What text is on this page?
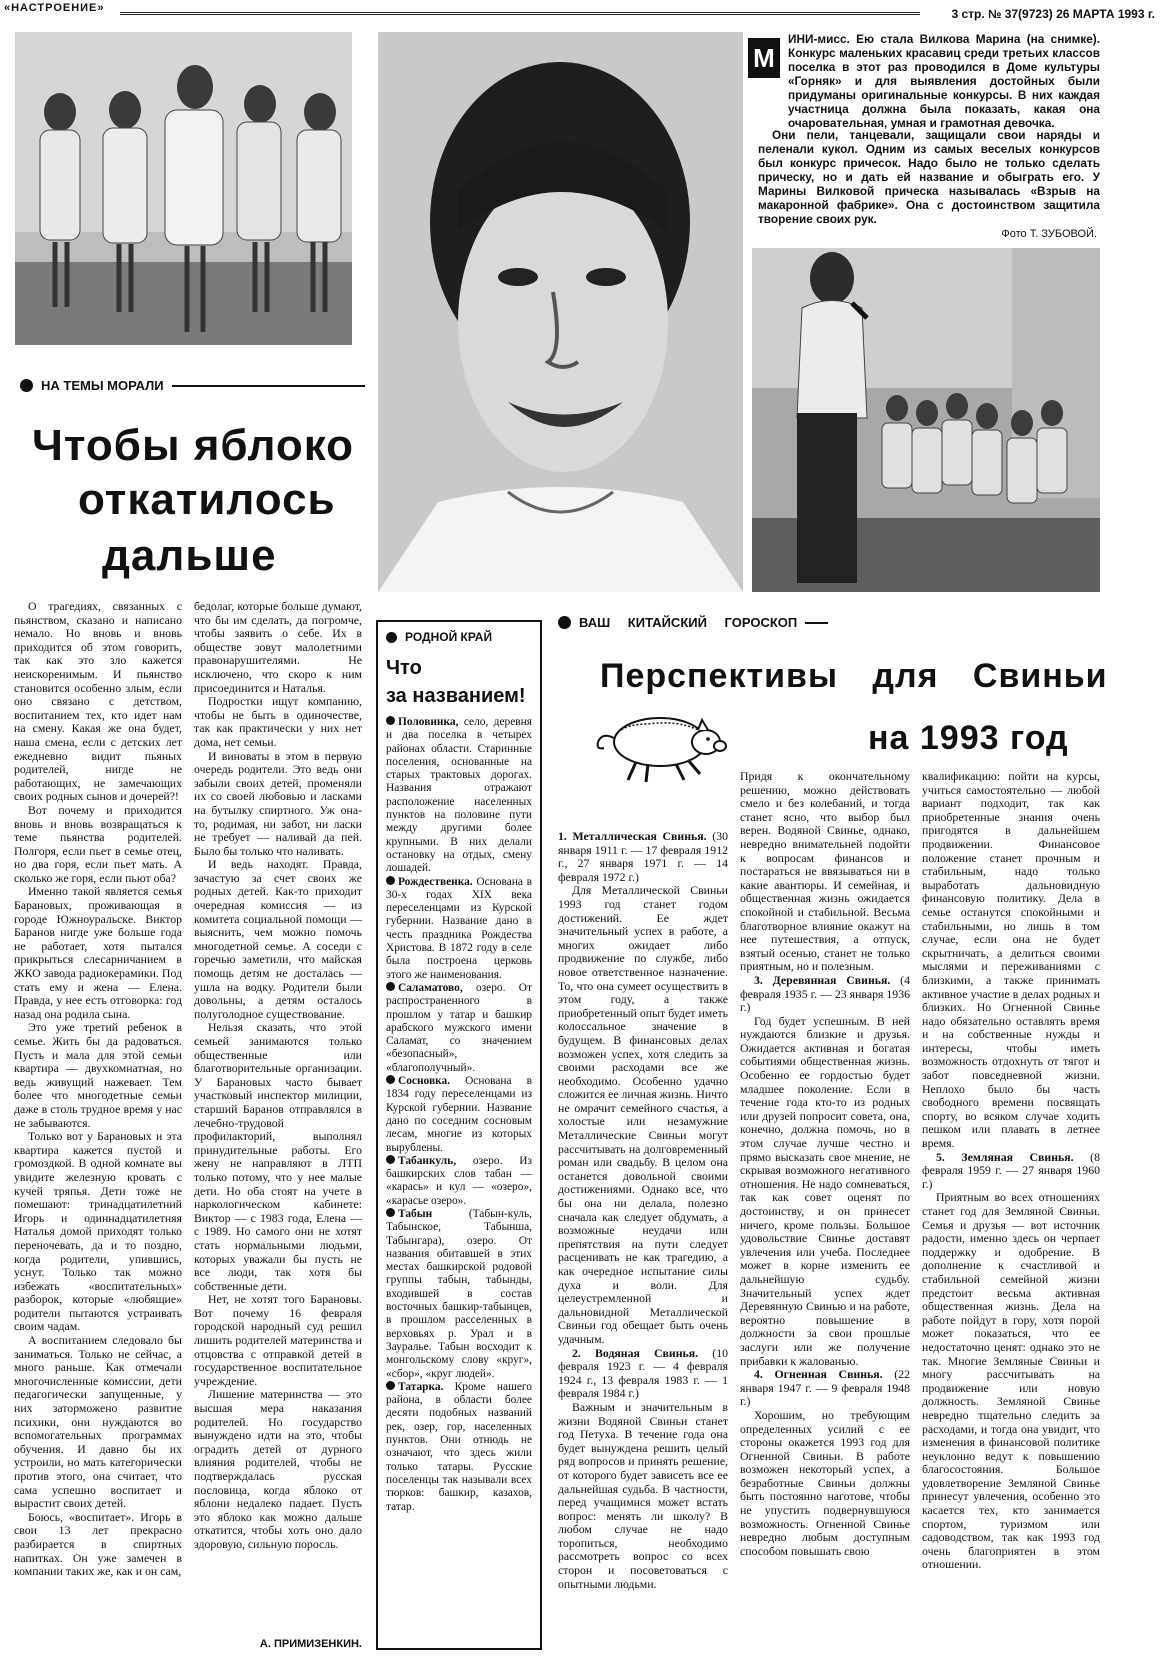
«НАСТРОЕНИЕ»	3 стр. № 37(9723) 26 МАРТА 1993 г.
М

ИНИ-мисс. Ею стала Вилкова Марина (на снимке). Конкурс маленьких красавиц среди третьих классов поселка в этот раз проводился в Доме культуры «Горняк» и для выявления достойных были придуманы оригинальные конкурсы. В них каждая участница должна была показать, какая она очаровательная, умная и грамотная девочка.

Они пели, танцевали, защищали свои наряды и пеленали кукол. Одним из самых веселых конкурсов был конкурс причесок. Надо было не только сделать прическу, но и дать ей название и обыграть его. У Марины Вилковой прическа называлась «Взрыв на макаронной фабрике». Она с достоинством защитила творение своих рук.

Фото Т. ЗУБОВОЙ.
НА ТЕМЫ МОРАЛИ
Чтобы яблоко
откатилось
дальше

О трагедиях, связанных с пьянством, сказано и написано немало. Но вновь и вновь приходится об этом говорить, так как это зло кажется неискоренимым. И пьянство становится особенно злым, если оно связано с детством, воспитанием тех, кто идет нам на смену. Какая же она будет, наша смена, если с детских лет ежедневно видит пьяных родителей, нигде не работающих, не замечающих своих родных сынов и дочерей?!

Вот почему и приходится вновь и вновь возвращаться к теме пьянства родителей. Полгоря, если пьет в семье отец, но два горя, если пьет мать. А сколько же горя, если пьют оба?

Именно такой является семья Барановых, проживающая в городе Южноуральске. Виктор Баранов нигде уже больше года не работает, хотя пытался прикрыться слесарничанием в ЖКО завода радиокерамики. Под стать ему и жена — Елена. Правда, у нее есть отговорка: год назад она родила сына.

Это уже третий ребенок в семье. Жить бы да радоваться. Пусть и мала для этой семьи квартира — двухкомнатная, но ведь живущий нажевает. Тем более что многодетные семьи даже в столь трудное время у нас не забываются.

Только вот у Барановых и эта квартира кажется пустой и громоздкой. В одной комнате вы увидите железную кровать с кучей тряпья. Дети тоже не помешают: тринадцатилетний Игорь и одиннадцатилетняя Наталья домой приходят только переночевать, да и то поздно, когда родители, упившись, уснут. Только так можно избежать «воспитательных» разборок, которые «любящие» родители пытаются устраивать своим чадам.

А воспитанием следовало бы заниматься. Только не сейчас, а много раньше. Как отмечали многочисленные комиссии, дети педагогически запущенные, у них заторможено развитие психики, они нуждаются во вспомогательных программах обучения. И давно бы их устроили, но мать категорически против этого, она считает, что сама успешно воспитает и вырастит своих детей.

Боюсь, «воспитает». Игорь в свои 13 лет прекрасно разбирается в спиртных напитках. Он уже замечен в компании таких же, как и он сам,

бедолаг, которые больше думают, что бы им сделать, да погромче, чтобы заявить о себе. Их в обществе зовут малолетними правонарушителями. Не исключено, что скоро к ним присоединится и Наталья.

Подростки ищут компанию, чтобы не быть в одиночестве, так как практически у них нет дома, нет семьи.

И виноваты в этом в первую очередь родители. Это ведь они забыли своих детей, променяли их со своей любовью и ласками на бутылку спиртного. Уж она-то, родимая, ни забот, ни ласки не требует — наливай да пей. Было бы только что наливать.

И ведь находят. Правда, зачастую за счет своих же родных детей. Как-то приходит очередная комиссия — из комитета социальной помощи — выяснить, чем можно помочь многодетной семье. А соседи с горечью заметили, что майская помощь детям не досталась — ушла на водку. Родители были довольны, а детям осталось полуголодное существование.

Нельзя сказать, что этой семьей занимаются только общественные или благотворительные организации. У Барановых часто бывает участковый инспектор милиции, старший Баранов отправлялся в лечебно-трудовой профилакторий, выполнял принудительные работы. Его жену не направляют в ЛТП только потому, что у нее малые дети. Но оба стоят на учете в наркологическом кабинете: Виктор — с 1983 года, Елена — с 1989. Но самого они не хотят стать нормальными людьми, которых уважали бы пусть не все люди, так хотя бы собственные дети.

Нет, не хотят того Барановы. Вот почему 16 февраля городской народный суд решил лишить родителей материнства и отцовства с отправкой детей в государственное воспитательное учреждение.

Лишение материнства — это высшая мера наказания родителей. Но государство вынуждено идти на это, чтобы оградить детей от дурного влияния родителей, чтобы не подтверждалась русская пословица, когда яблоко от яблони недалеко падает. Пусть это яблоко как можно дальше откатится, чтобы хоть оно дало здоровую, сильную поросль.

А. ПРИМИЗЕНКИН.
РОДНОЙ КРАЙ
Что
за названием!

Половинка, село, деревня и два поселка в четырех районах области. Старинные поселения, основанные на старых трактовых дорогах. Названия отражают расположение населенных пунктов на половине пути между другими более крупными. В них делали остановку на отдых, смену лошадей.

Рождественка. Основана в 30-х годах XIX века переселенцами из Курской губернии. Название дано в честь праздника Рождества Христова. В 1872 году в селе была построена церковь этого же наименования.

Саламатово, озеро. От распространенного в прошлом у татар и башкир арабского мужского имени Саламат, со значением «безопасный», «благополучный».

Сосновка. Основана в 1834 году переселенцами из Курской губернии. Название дано по соседним сосновым лесам, многие из которых вырублены.

Табанкуль, озеро. Из башкирских слов табан — «карась» и кул — «озеро», «карасье озеро».

Табын	(Табын-куль, Табынское, Табынша, Табынгара), озеро. От названия обитавшей в этих местах башкирской родовой группы табын, табынды, входившей в состав восточных башкир-табынцев, в прошлом расселенных в верховьях р. Урал и в Зауралье. Табын восходит к монгольскому слову «круг», «сбор», «круг людей».

Татарка. Кроме нашего района, в области более десяти подобных названий рек, озер, гор, населенных пунктов. Они отнюдь не означают, что здесь жили только татары. Русские поселенцы так называли всех тюрков: башкир, казахов, татар.

ВАШ КИТАЙСКИЙ ГОРОСКОП
Перспективы для Свиньи
на 1993 год

1. Металлическая Свинья. (30 января 1911 г. — 17 февраля 1912 г., 27 января 1971 г. — 14 февраля 1972 г.)

Для Металлической Свиньи 1993 год станет годом достижений. Ее ждет значительный успех в работе, а многих ожидает либо продвижение по службе, либо новое ответственное назначение. То, что она сумеет осуществить в этом году, а также приобретенный опыт будет иметь колоссальное значение в будущем. В финансовых делах возможен успех, хотя следить за своими расходами все же необходимо. Особенно удачно сложится ее личная жизнь. Ничто не омрачит семейного счастья, а холостые или незамужние Металлические Свиньи могут рассчитывать на долговременный роман или свадьбу. В целом она останется довольной своими достижениями. Однако все, что бы она ни делала, полезно сначала как следует обдумать, а возможные неудачи или препятствия на пути следует расценивать не как трагедию, а как очередное испытание силы духа и воли. Для целеустремленной и дальновидной Металлической Свиньи год обещает быть очень удачным.

2. Водяная Свинья. (10 февраля 1923 г. — 4 февраля 1924 г., 13 февраля 1983 г. — 1 февраля 1984 г.)

Важным и значительным в жизни Водяной Свиньи станет год Петуха. В течение года она будет вынуждена решить целый ряд вопросов и принять решение, от которого будет зависеть все ее дальнейшая судьба. В частности, перед учащимися может встать вопрос: менять ли школу? В любом случае не надо торопиться, необходимо рассмотреть вопрос со всех сторон и посоветоваться с опытными людьми.

Придя к окончательному решению, можно действовать смело и без колебаний, и тогда станет ясно, что выбор был верен. Водяной Свинье, однако, неврeдно внимательней подойти к вопросам финансов и постараться не ввязываться ни в какие авантюры. И семейная, и общественная жизнь ожидается спокойной и стабильной. Весьма благотворное влияние окажут на нее путешествия, а отпуск, взятый осенью, станет не только приятным, но и полезным.

3. Деревянная Свинья. (4 февраля 1935 г. — 23 января 1936 г.)

Год будет успешным. В ней нуждаются близкие и друзья. Ожидается активная и богатая событиями общественная жизнь. Особенно ее гордостью будет младшее поколение. Если в течение года кто-то из родных или друзей попросит совета, она, конечно, должна помочь, но в этом случае лучше честно и прямо высказать свое мнение, не скрывая возможного негативного отношения. Не надо сомневаться, так как совет оценят по достоинству, и он принесет ничего, кроме пользы. Большое удовольствие Свинье доставят увлечения или учеба. Последнее может в корне изменить ее дальнейшую судьбу. Значительный успех ждет Деревянную Свинью и на работе, вероятно повышение в должности за свои прошлые заслуги или же получение прибавки к жалованью.

4. Огненная Свинья. (22 января 1947 г. — 9 февраля 1948 г.)

Хорошим, но требующим определенных усилий с ее стороны окажется 1993 год для Огненной Свиньи. В работе возможен некоторый успех, а безработные Свиньи должны быть постоянно наготове, чтобы не упустить подвернувшуюся возможность. Огненной Свинье неврeдно любым доступным способом повышать свою

квалификацию: пойти на курсы, учиться самостоятельно — любой вариант подходит, так как приобретенные знания очень пригодятся в дальнейшем продвижении. Финансовое положение станет прочным и стабильным, надо только выработать дальновидную финансовую политику. Дела в семье останутся спокойными и стабильными, но лишь в том случае, если она не будет скрытничать, а делиться своими мыслями и переживаниями с близкими, а также принимать активное участие в делах родных и близких. Но Огненной Свинье надо обязательно оставлять время и на собственные нужды и интересы, чтобы иметь возможность отдохнуть от тягот и забот повседневной жизни. Неплохо было бы часть свободного времени посвящать спорту, во всяком случае ходить пешком или плавать в летнее время.

5. Земляная Свинья. (8 февраля 1959 г. — 27 января 1960 г.)

Приятным во всех отношениях станет год для Земляной Свиньи. Семья и друзья — вот источник радости, именно здесь он черпает поддержку и одобрение. В дополнение к счастливой и стабильной семейной жизни предстоит весьма активная общественная жизнь. Дела на работе пойдут в гору, хотя порой может показаться, что ее недостаточно ценят: однако это не так. Многие Земляные Свиньи и многу рассчитывать на продвижение или новую должность. Земляной Свинье неврeдно тщательно следить за расходами, и тогда она увидит, что изменения в финансовой политике неуклонно ведут к повышению благосостояния. Большое удовлетворение Земляной Свинье принесут увлечения, особенно это касается тех, кто занимается спортом, туризмом или садоводством, так как 1993 год очень благоприятен в этом отношении.
